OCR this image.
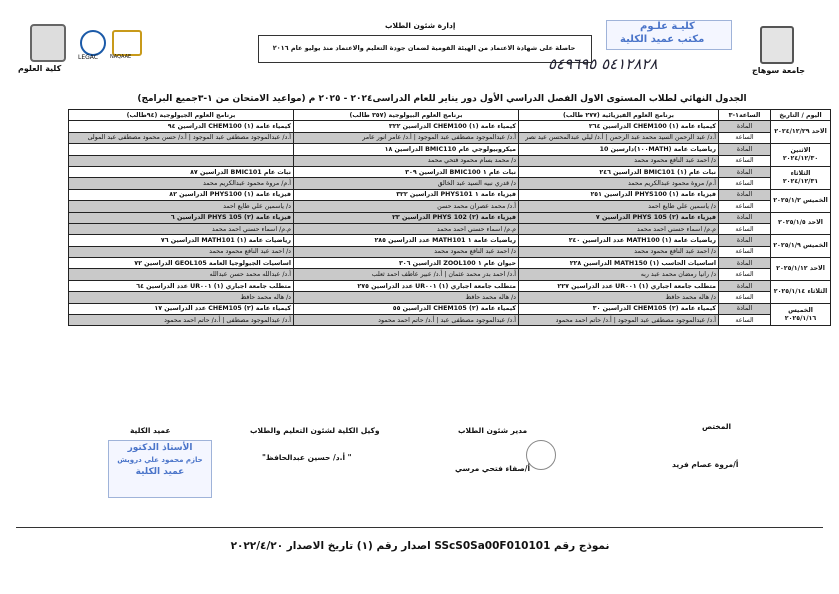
كلية العلوم
LEGAC NAQAAE
إدارة شئون الطلاب
حاصلة على شهادة الاعتماد من الهيئة القومية لضمان جودة التعليم والاعتماد منذ يوليو عام ٢٠١٦
كليـة علـوم
مكتب عميد الكلية
٥٤١٢٨٢٨ ٥٤٩٦٩٥	جامعة سوهاج
الجدول النهائي لطلاب المستوى الاول الفصل الدراسي الأول دور يناير للعام الدراسى٢٠٢٤ - ٢٠٢٥ م (مواعيد الامتحان من ١-٣جميع البرامج)
اليوم / التاريخ	الساعة١-٣	برنامج العلوم الفيزيائية (٢٧٧ طالب)	برنامج العلوم البيولوجية (٣٥٧ طالب)	برنامج العلوم الجيولوجية (٩٤طالب)
الاحد ٢٠٢٤/١٢/٢٩	المادة	كيمياء عامة (١) CHEM100 الدراسين ٢٦٤	كيمياء عامة (١) CHEM100 الدراسين ٣٢٢	كيمياء عامة (١) CHEM100 الدراسين ٩٤
	الساعة	أ.د/ عبد الرحمن السيد محمد عبد الرحمن | أ.د/ ليلي عبدالمحسن عيد نصر	أ.د/ عبدالموجود مصطفى عبد الموجود | أ.د/ عامر انور عامر	أ.د/ عبدالموجود مصطفى عبد الموجود | أ.د/ حسن محمود مصطفى عبد المولى
الاثنين ٢٠٢٤/١٢/٣٠	المادة	رياضيات عامة (١٠٠MATH)دارسين 10	ميكروبيولوجي عام BMIC110 الدراسين ١٨	
	الساعة	د/ احمد عبد النافع محمود محمد	د/ محمد بسام محمود فتحي محمد	
الثلاثاء ٢٠٢٤/١٢/٣١	المادة	نبات عام (١) BMIC101 الدراسين ٢٤٦	نبات عام ١ BMIC100 الدراسين ٣٠٩	نبات عام BMIC101 الدراسين ٨٧
	الساعة	أ.م/ مروة محمود عبدالكريم محمد	د/ قدري نبيه السيد عبد الخالق	أ.م/ مروة محمود عبدالكريم محمد
الخميس ٢٠٢٥/١/٢	المادة	فيزياء عامة (١) PHYS100 الدراسين ٢٥١	فيزياء عامة ١ PHYS101 الدراسين ٣٢٢	فيزياء عامة (١) PHYS100 الدراسين ٨٢
	الساعة	د/ ياسمين علي طايع احمد	أ.د/ محمد عصران محمد حسن	د/ ياسمين علي طايع احمد
الاحد ٢٠٢٥/١/٥	المادة	فيزياء عامة (٢) PHYS 105 الدراسين ٧	فيزياء عامة (٢) PHYS 102 الدراسين ٢٣	فيزياء عامة (٢) PHYS 105 الدراسين ٦
	الساعة	م.م/ اسماء حسني احمد محمد	م.م/ اسماء حسني احمد محمد	م.م/ اسماء حسني احمد محمد
الخميس ٢٠٢٥/١/٩	المادة	رياضيات عامة (١) MATH100 عدد الدراسين ٢٤٠	رياضيات عامة ١ MATH101 عدد الدراسين ٢٨٥	رياضيات عامة (١) MATH101 الدراسين ٧٦
	الساعة	د/ احمد عبد النافع محمود محمد	د/ احمد عبد النافع محمود محمد	د/ احمد عبد النافع محمود محمد
الاحد ٢٠٢٥/١/١٢	المادة	اساسيات الحاسب (١) MATH150 الدراسين ٢٢٨	حيوان عام ١ ZOOL100 الدراسين ٣٠٦	اساسيات الجيولوجيا العامة GEOL105 الدراسين ٧٢
	الساعة	د/ رانيا رمضان محمد عبد ربه	أ.د/ احمد بدر محمد عثمان | أ.د/ عبير عاطف احمد ثعلب	أ.د/ عبدالله محمد حسن عبدالله
الثلاثاء ٢٠٢٥/١/١٤	المادة	متطلب جامعة اجباري (١) UR٠٠١ عدد الدراسين ٢٢٧	متطلب جامعة اجباري (١) UR٠٠١ عدد الدراسين ٢٧٥	متطلب جامعة اجباري (١) UR٠٠١ عدد الدراسين ٦٤
	الساعة	د/ هاله محمد حافظ	د/ هاله محمد حافظ	د/ هاله محمد حافظ
الخميس ٢٠٢٥/١/١٦	المادة	كيمياء عامة (٢) CHEM105 الدراسين ٣٠	كيمياء عامة (٢) CHEM105 الدراسين ٥٥	كيمياء عامة (٢) CHEM105 عدد الدراسين ١٧
	الساعة	أ.د/ عبدالموجود مصطفى عبد الموجود | أ.د/ حاتم احمد محمود	أ.د/ عبدالموجود مصطفى عبد | أ.د/ حاتم احمد محمود	أ.د/ عبدالموجود مصطفى | أ.د/ حاتم احمد محمود
المختص
أ/مروة عصام فريد
مدير شئون الطلاب
أ/صفاء فتحي مرسي
وكيل الكلية لشئون التعليم والطلاب
" أ.د/ حسين عبدالحافظ"
عميد الكلية
الأستاذ الدكتور
حازم محمود علي درويش
عميد الكلية
نموذج رقم SScS0Sa00F010101 اصدار رقم (١) تاريخ الاصدار ٢٠٢٢/٤/٢٠
